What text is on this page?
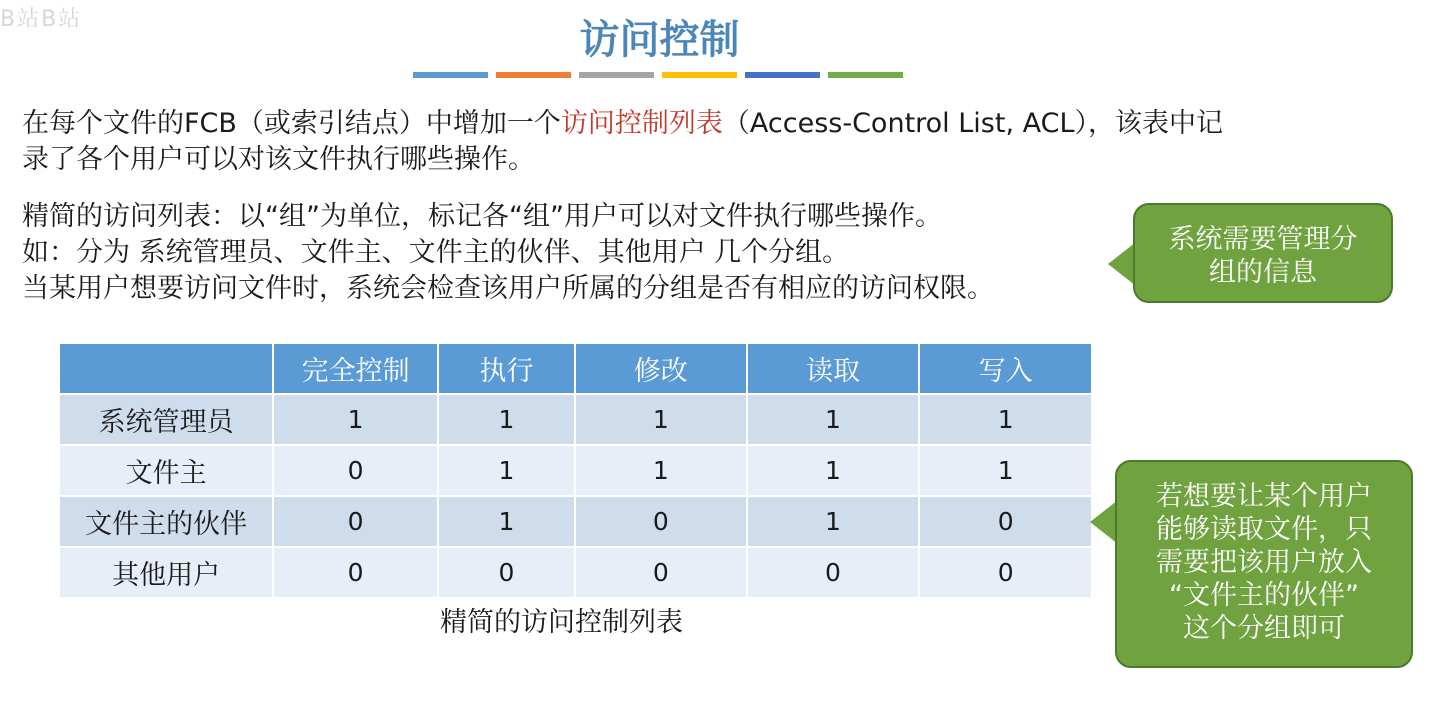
B站B站	访问控制
在每个文件的FCB（或索引结点）中增加一个访问控制列表（Access-Control List, ACL），该表中记
录了各个用户可以对该文件执行哪些操作。
精简的访问列表：以“组”为单位，标记各“组”用户可以对文件执行哪些操作。
如：分为 系统管理员、文件主、文件主的伙伴、其他用户 几个分组。
当某用户想要访问文件时，系统会检查该用户所属的分组是否有相应的访问权限。
系统需要管理分
组的信息
	完全控制	执行	修改	读取	写入
系统管理员	1	1	1	1	1
文件主	0	1	1	1	1
文件主的伙伴	0	1	0	1	0
其他用户	0	0	0	0	0
精简的访问控制列表
若想要让某个用户
能够读取文件，只
需要把该用户放入
“文件主的伙伴”
这个分组即可
